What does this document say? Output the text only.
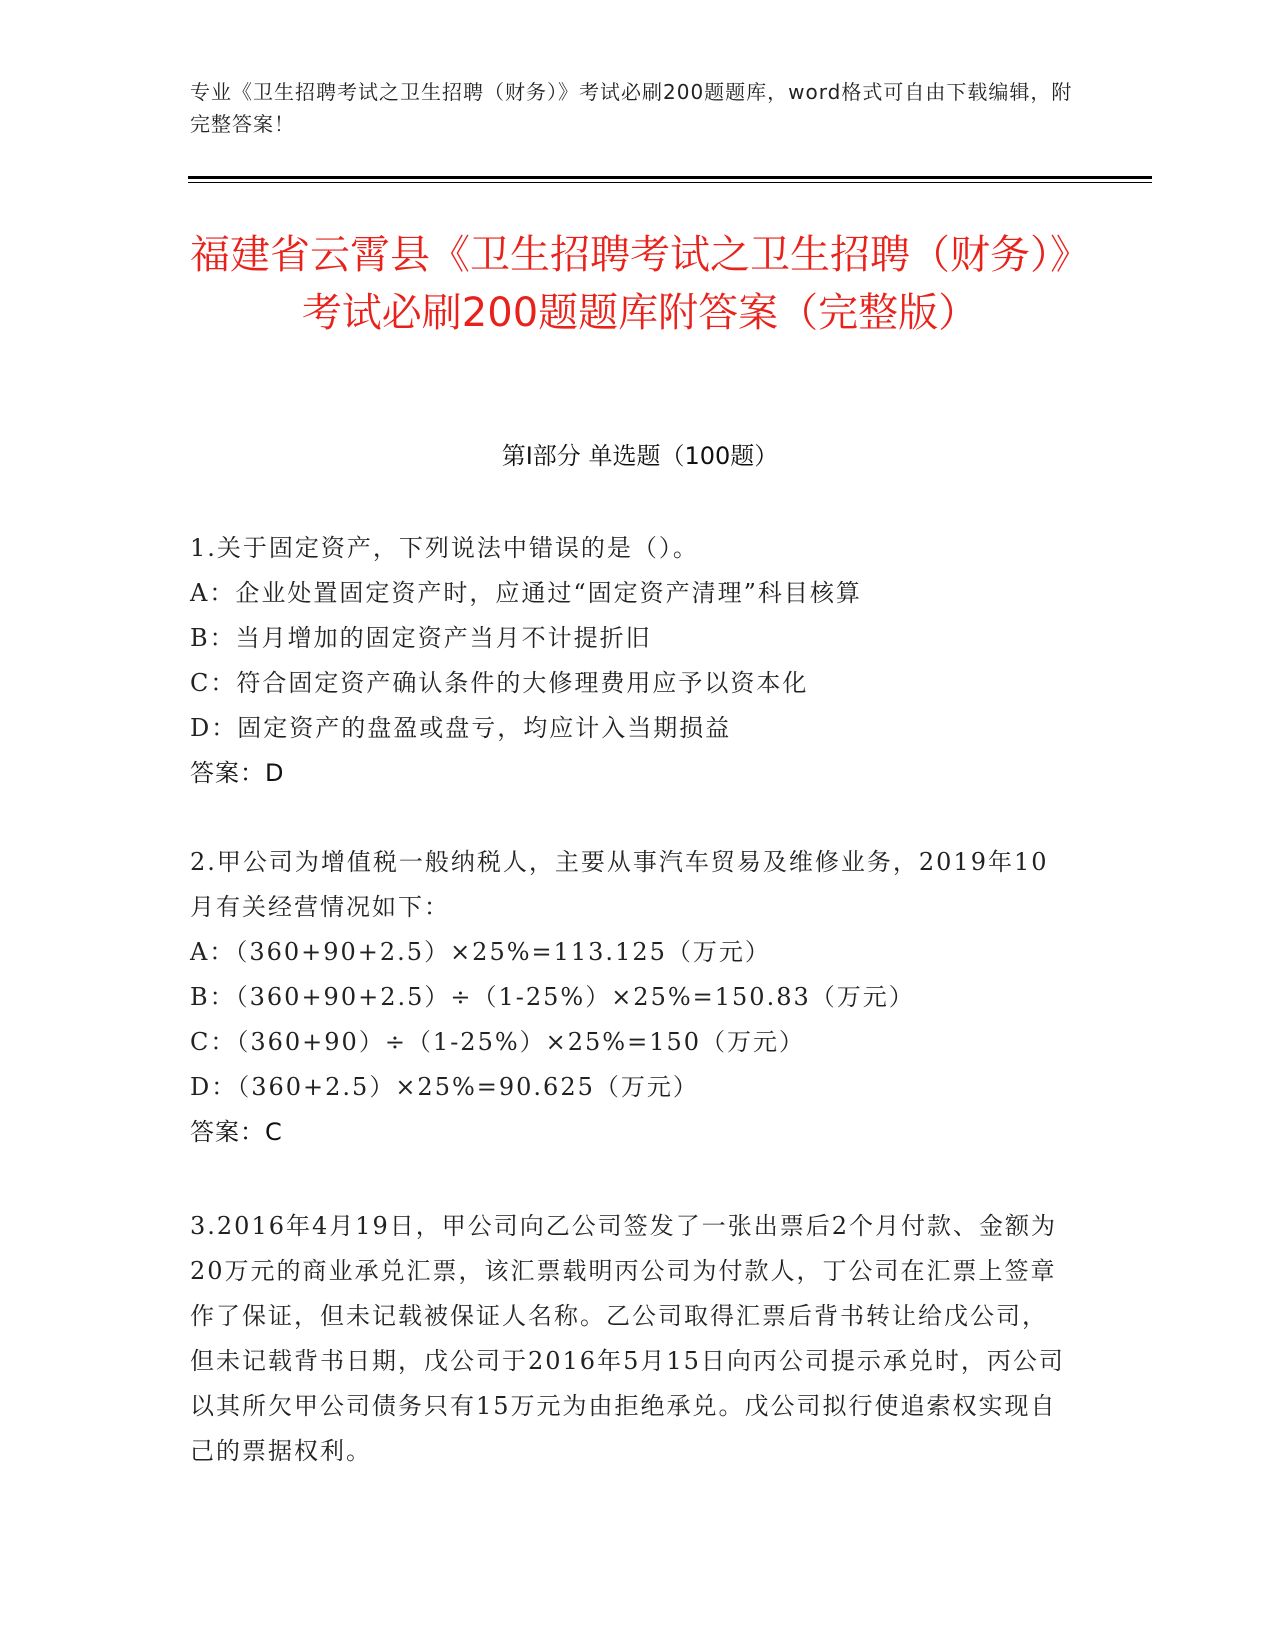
专业《卫生招聘考试之卫生招聘（财务）》考试必刷200题题库，word格式可自由下载编辑，附完整答案！
福建省云霄县《卫生招聘考试之卫生招聘（财务）》考试必刷200题题库附答案（完整版）
第I部分 单选题（100题）

1.关于固定资产，下列说法中错误的是（）。

A：企业处置固定资产时，应通过“固定资产清理”科目核算

B：当月增加的固定资产当月不计提折旧

C：符合固定资产确认条件的大修理费用应予以资本化

D：固定资产的盘盈或盘亏，均应计入当期损益

答案：D

2.甲公司为增值税一般纳税人，主要从事汽车贸易及维修业务，2019年10月有关经营情况如下：

A：（360+90+2.5）×25%=113.125（万元）

B：（360+90+2.5）÷（1-25%）×25%=150.83（万元）

C：（360+90）÷（1-25%）×25%=150（万元）

D：（360+2.5）×25%=90.625（万元）

答案：C

3.2016年4月19日，甲公司向乙公司签发了一张出票后2个月付款、金额为20万元的商业承兑汇票，该汇票载明丙公司为付款人，丁公司在汇票上签章作了保证，但未记载被保证人名称。乙公司取得汇票后背书转让给戊公司，但未记载背书日期，戊公司于2016年5月15日向丙公司提示承兑时，丙公司以其所欠甲公司债务只有15万元为由拒绝承兑。戊公司拟行使追索权实现自己的票据权利。
